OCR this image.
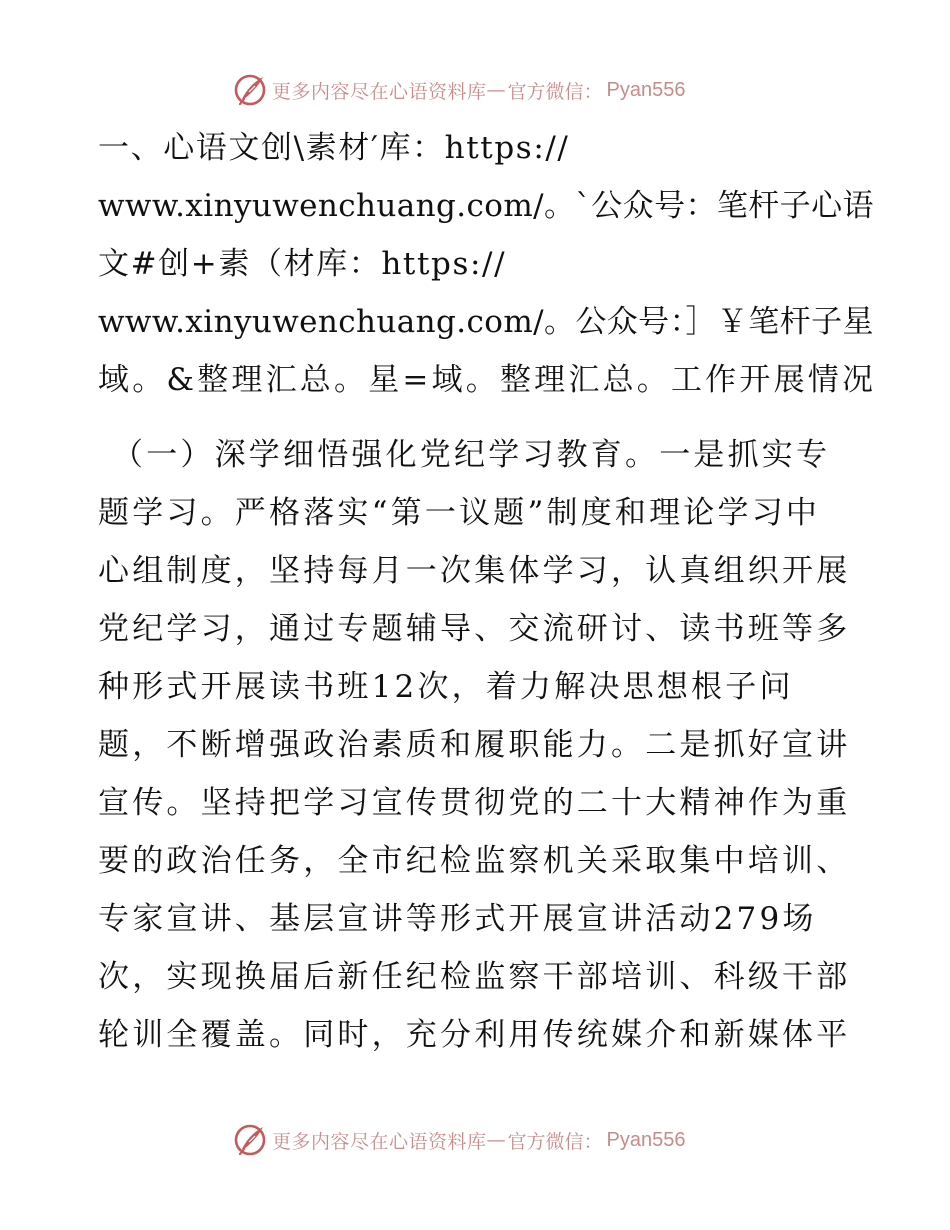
更多内容尽在心语资料库 — 官方微信： Pyan556
一、心语文创\素材′库：https://
www.xinyuwenchuang.com/。`公众号：笔杆子心语
文#创+素（材库：https://
www.xinyuwenchuang.com/。公众号：］￥笔杆子星
域。&整理汇总。星=域。整理汇总。工作开展情况
（一）深学细悟强化党纪学习教育。一是抓实专
题学习。严格落实“第一议题”制度和理论学习中
心组制度，坚持每月一次集体学习，认真组织开展
党纪学习，通过专题辅导、交流研讨、读书班等多
种形式开展读书班12次，着力解决思想根子问
题，不断增强政治素质和履职能力。二是抓好宣讲
宣传。坚持把学习宣传贯彻党的二十大精神作为重
要的政治任务，全市纪检监察机关采取集中培训、
专家宣讲、基层宣讲等形式开展宣讲活动279场
次，实现换届后新任纪检监察干部培训、科级干部
轮训全覆盖。同时，充分利用传统媒介和新媒体平
更多内容尽在心语资料库 — 官方微信： Pyan556
